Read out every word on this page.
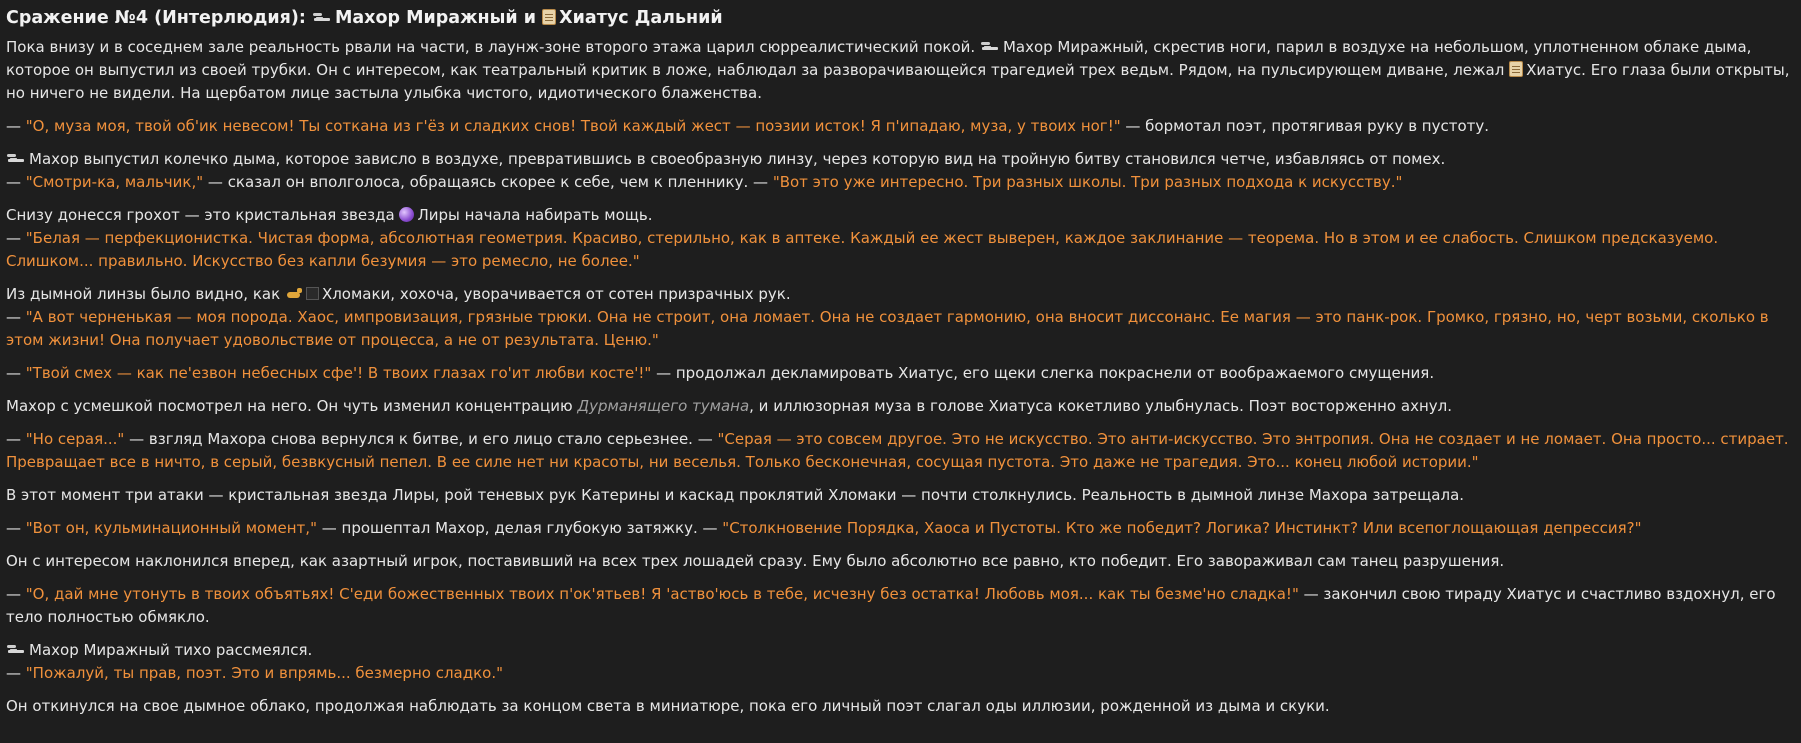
Сражение №4 (Интерлюдия): Махор Миражный и Хиатус Дальний

Пока внизу и в соседнем зале реальность рвали на части, в лаунж-зоне второго этажа царил сюрреалистический покой. Махор Миражный, скрестив ноги, парил в воздухе на небольшом, уплотненном облаке дыма, которое он выпустил из своей трубки. Он с интересом, как театральный критик в ложе, наблюдал за разворачивающейся трагедией трех ведьм. Рядом, на пульсирующем диване, лежал Хиатус. Его глаза были открыты, но ничего не видели. На щербатом лице застыла улыбка чистого, идиотического блаженства.

— "О, муза моя, твой об'ик невесом! Ты соткана из г'ёз и сладких снов! Твой каждый жест — поэзии исток! Я п'ипадаю, муза, у твоих ног!" — бормотал поэт, протягивая руку в пустоту.

Махор выпустил колечко дыма, которое зависло в воздухе, превратившись в своеобразную линзу, через которую вид на тройную битву становился четче, избавляясь от помех.
— "Смотри-ка, мальчик," — сказал он вполголоса, обращаясь скорее к себе, чем к пленнику. — "Вот это уже интересно. Три разных школы. Три разных подхода к искусству."

Снизу донесся грохот — это кристальная звезда Лиры начала набирать мощь.
— "Белая — перфекционистка. Чистая форма, абсолютная геометрия. Красиво, стерильно, как в аптеке. Каждый ее жест выверен, каждое заклинание — теорема. Но в этом и ее слабость. Слишком предсказуемо. Слишком... правильно. Искусство без капли безумия — это ремесло, не более."

Из дымной линзы было видно, как	Хломаки, хохоча, уворачивается от сотен призрачных рук.
— "А вот черненькая — моя порода. Хаос, импровизация, грязные трюки. Она не строит, она ломает. Она не создает гармонию, она вносит диссонанс. Ее магия — это панк-рок. Громко, грязно, но, черт возьми, сколько в этом жизни! Она получает удовольствие от процесса, а не от результата. Ценю."

— "Твой смех — как пе'езвон небесных сфе'! В твоих глазах го'ит любви косте'!" — продолжал декламировать Хиатус, его щеки слегка покраснели от воображаемого смущения.

Махор с усмешкой посмотрел на него. Он чуть изменил концентрацию Дурманящего тумана, и иллюзорная муза в голове Хиатуса кокетливо улыбнулась. Поэт восторженно ахнул.

— "Но серая..." — взгляд Махора снова вернулся к битве, и его лицо стало серьезнее. — "Серая — это совсем другое. Это не искусство. Это анти-искусство. Это энтропия. Она не создает и не ломает. Она просто... стирает. Превращает все в ничто, в серый, безвкусный пепел. В ее силе нет ни красоты, ни веселья. Только бесконечная, сосущая пустота. Это даже не трагедия. Это... конец любой истории."

В этот момент три атаки — кристальная звезда Лиры, рой теневых рук Катерины и каскад проклятий Хломаки — почти столкнулись. Реальность в дымной линзе Махора затрещала.

— "Вот он, кульминационный момент," — прошептал Махор, делая глубокую затяжку. — "Столкновение Порядка, Хаоса и Пустоты. Кто же победит? Логика? Инстинкт? Или всепоглощающая депрессия?"

Он с интересом наклонился вперед, как азартный игрок, поставивший на всех трех лошадей сразу. Ему было абсолютно все равно, кто победит. Его завораживал сам танец разрушения.

— "О, дай мне утонуть в твоих объятьях! С'еди божественных твоих п'ок'ятьев! Я 'аство'юсь в тебе, исчезну без остатка! Любовь моя... как ты безме'но сладка!" — закончил свою тираду Хиатус и счастливо вздохнул, его тело полностью обмякло.

Махор Миражный тихо рассмеялся.
— "Пожалуй, ты прав, поэт. Это и впрямь... безмерно сладко."

Он откинулся на свое дымное облако, продолжая наблюдать за концом света в миниатюре, пока его личный поэт слагал оды иллюзии, рожденной из дыма и скуки.
